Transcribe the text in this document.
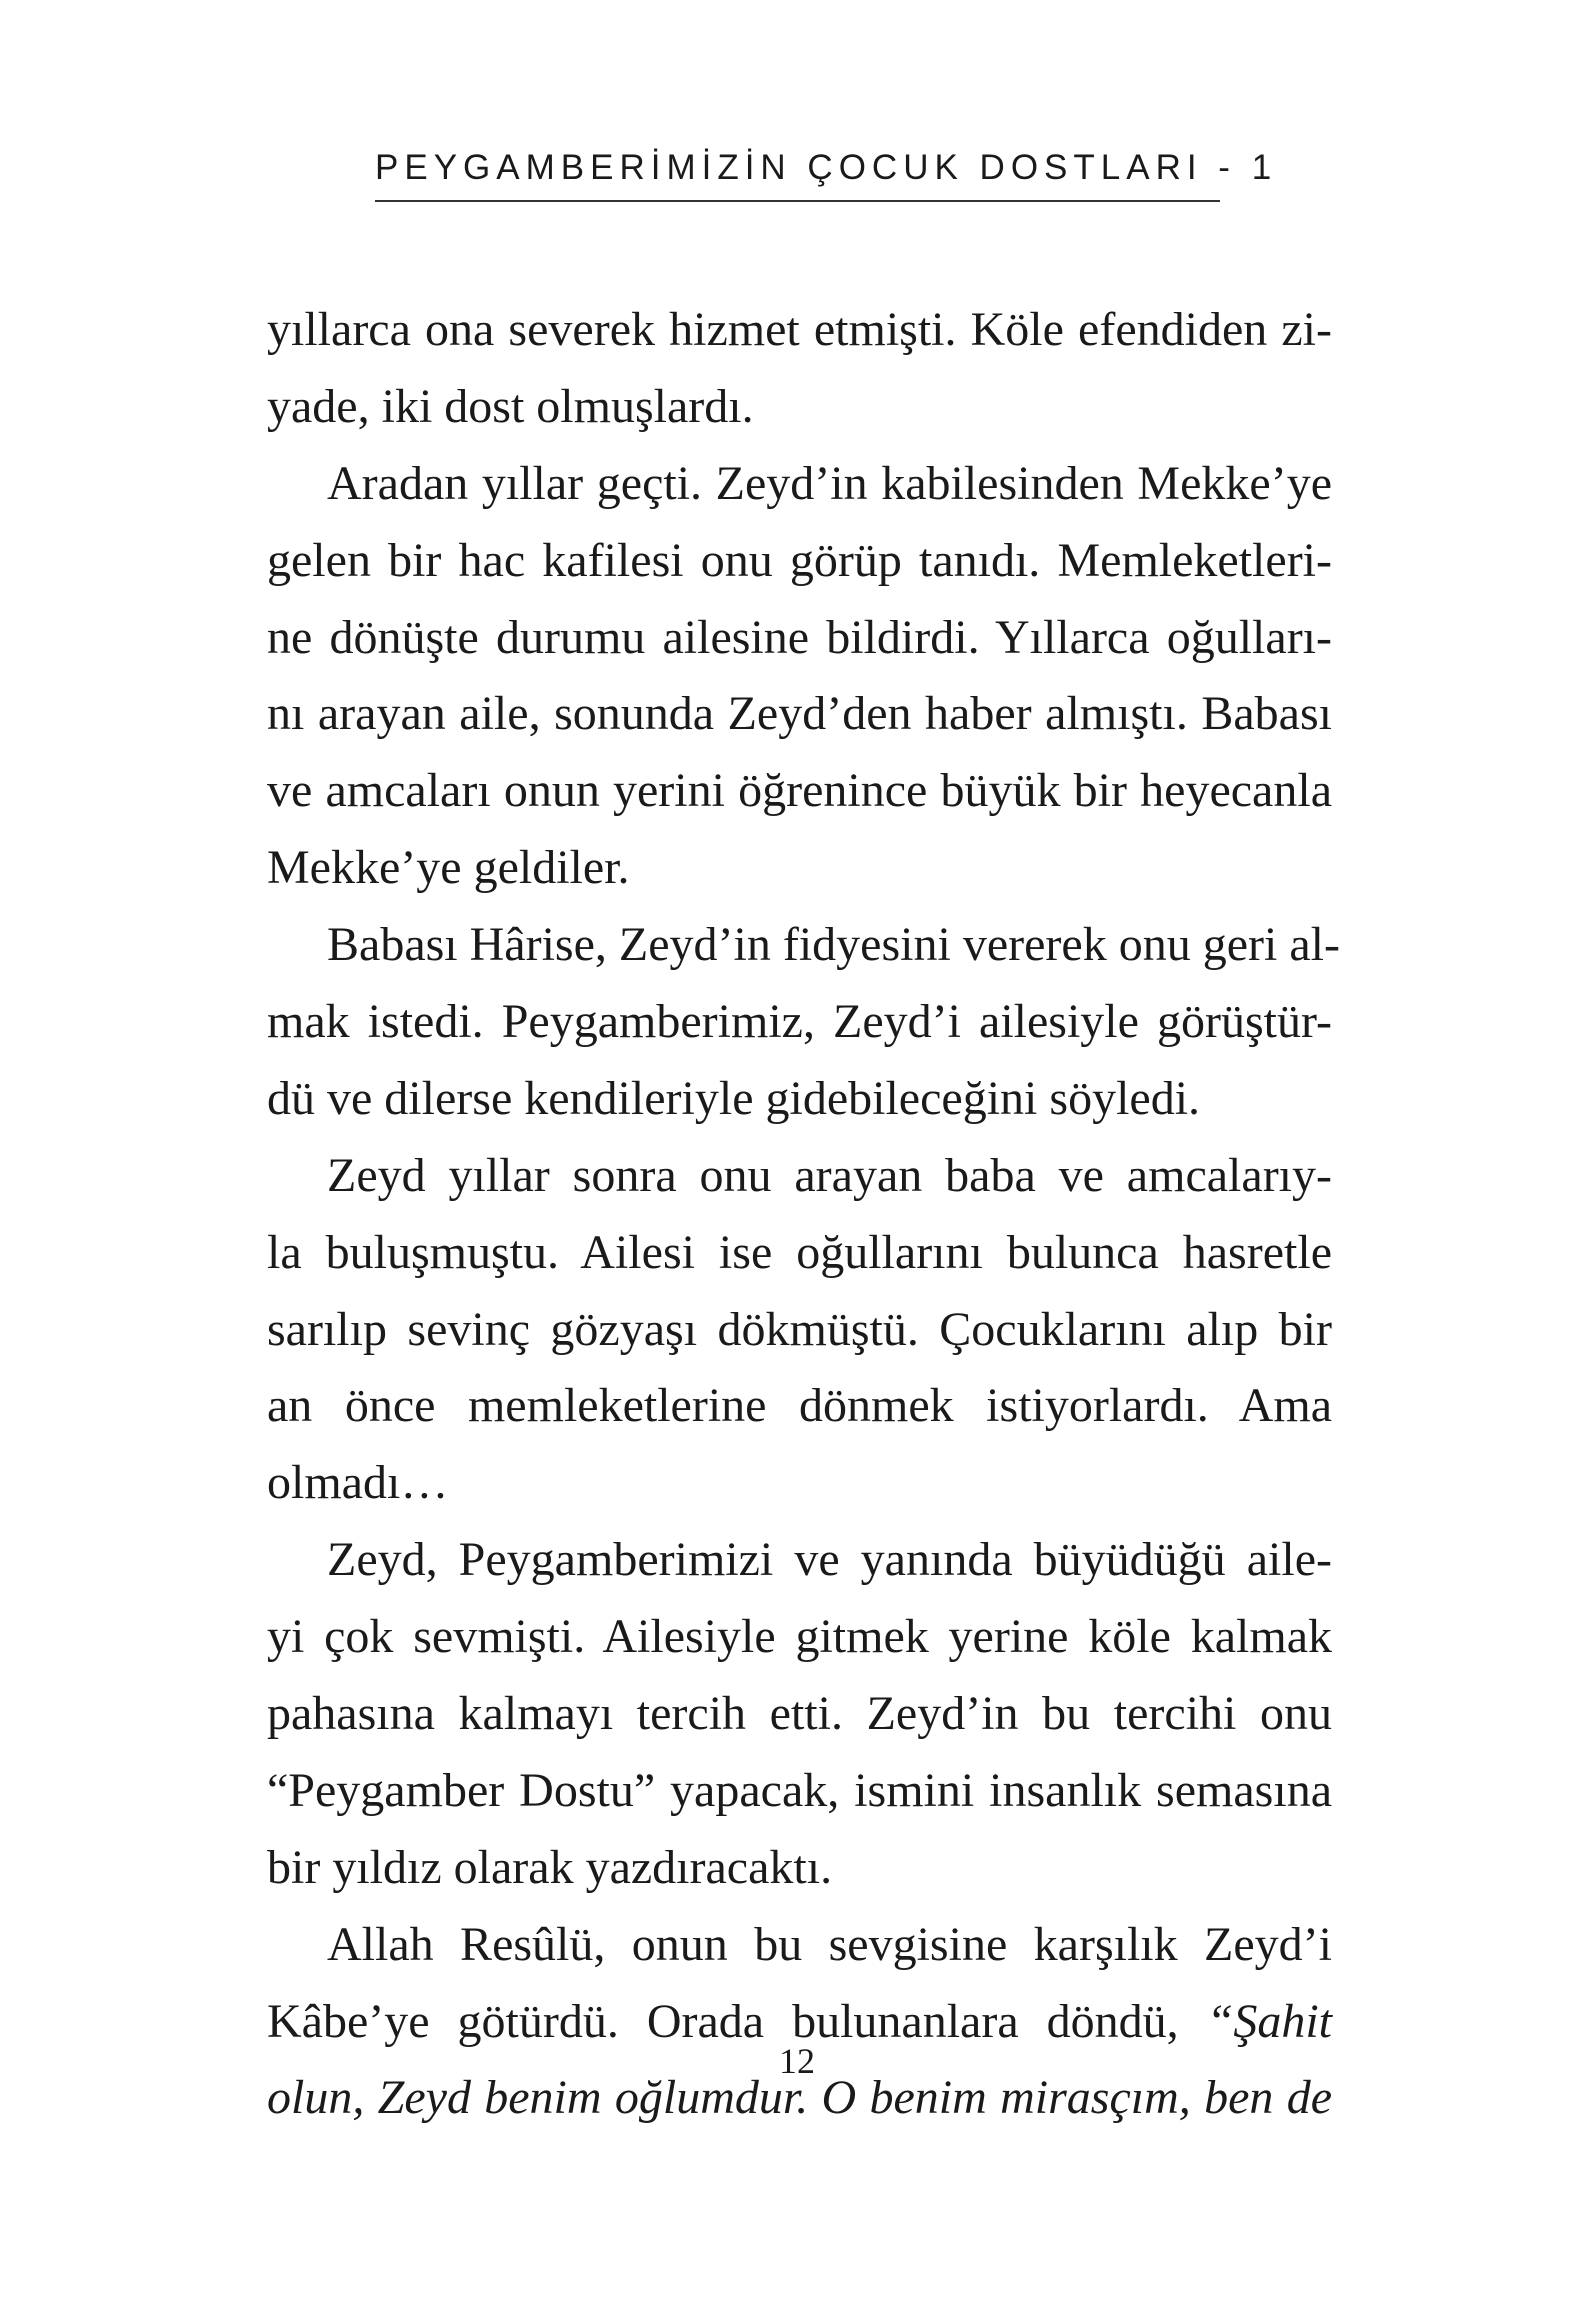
PEYGAMBERİMİZİN ÇOCUK DOSTLARI - 1
yıllarca ona severek hizmet etmişti. Köle efendiden zi-
yade, iki dost olmuşlardı.
Aradan yıllar geçti. Zeyd’in kabilesinden Mekke’ye
gelen bir hac kafilesi onu görüp tanıdı. Memleketleri-
ne dönüşte durumu ailesine bildirdi. Yıllarca oğulları-
nı arayan aile, sonunda Zeyd’den haber almıştı. Babası
ve amcaları onun yerini öğrenince büyük bir heyecanla
Mekke’ye geldiler.
Babası Hârise, Zeyd’in fidyesini vererek onu geri al-
mak istedi. Peygamberimiz, Zeyd’i ailesiyle görüştür-
dü ve dilerse kendileriyle gidebileceğini söyledi.
Zeyd yıllar sonra onu arayan baba ve amcalarıy-
la buluşmuştu. Ailesi ise oğullarını bulunca hasretle
sarılıp sevinç gözyaşı dökmüştü. Çocuklarını alıp bir
an önce memleketlerine dönmek istiyorlardı. Ama
olmadı…
Zeyd, Peygamberimizi ve yanında büyüdüğü aile-
yi çok sevmişti. Ailesiyle gitmek yerine köle kalmak
pahasına kalmayı tercih etti. Zeyd’in bu tercihi onu
“Peygamber Dostu” yapacak, ismini insanlık semasına
bir yıldız olarak yazdıracaktı.
Allah Resûlü, onun bu sevgisine karşılık Zeyd’i
Kâbe’ye götürdü. Orada bulunanlara döndü, “Şahit
olun, Zeyd benim oğlumdur. O benim mirasçım, ben de
12
